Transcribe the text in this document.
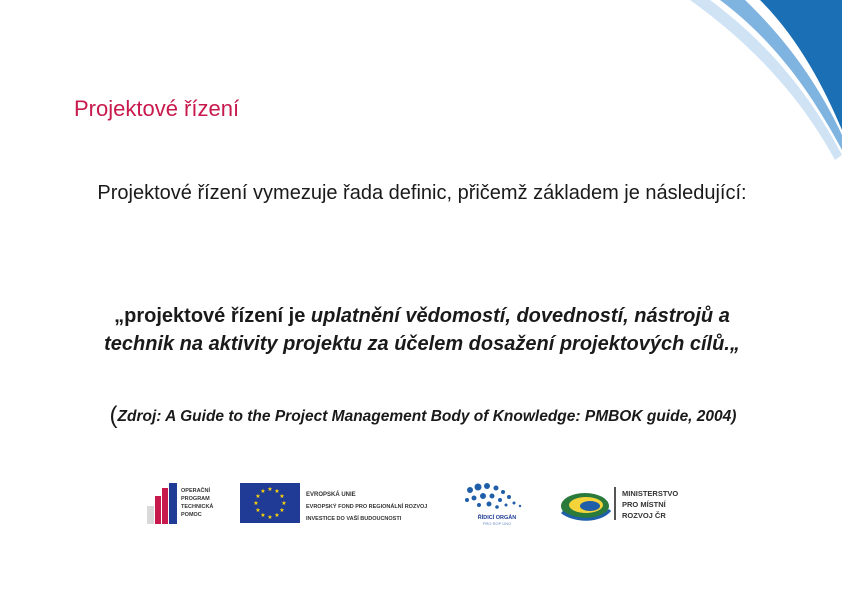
Projektové řízení
Projektové řízení vymezuje řada definic, přičemž základem je následující:
„projektové řízení je uplatnění vědomostí, dovedností, nástrojů a technik na aktivity projektu za účelem dosažení projektových cílů.„
(Zdroj: A Guide to the Project Management Body of Knowledge: PMBOK guide, 2004)
OPERAČNÍ
PROGRAM
TECHNICKÁ
POMOC
★ ★
★
★
★
★
★
★
★
★
★
★	EVROPSKÁ UNIE
EVROPSKÝ FOND PRO REGIONÁLNÍ ROZVOJ
INVESTICE DO VAŠÍ BUDOUCNOSTI	ŘÍDICÍ ORGÁN
PRO ROP ÚNO
MINISTERSTVO
PRO MÍSTNÍ
ROZVOJ ČR
